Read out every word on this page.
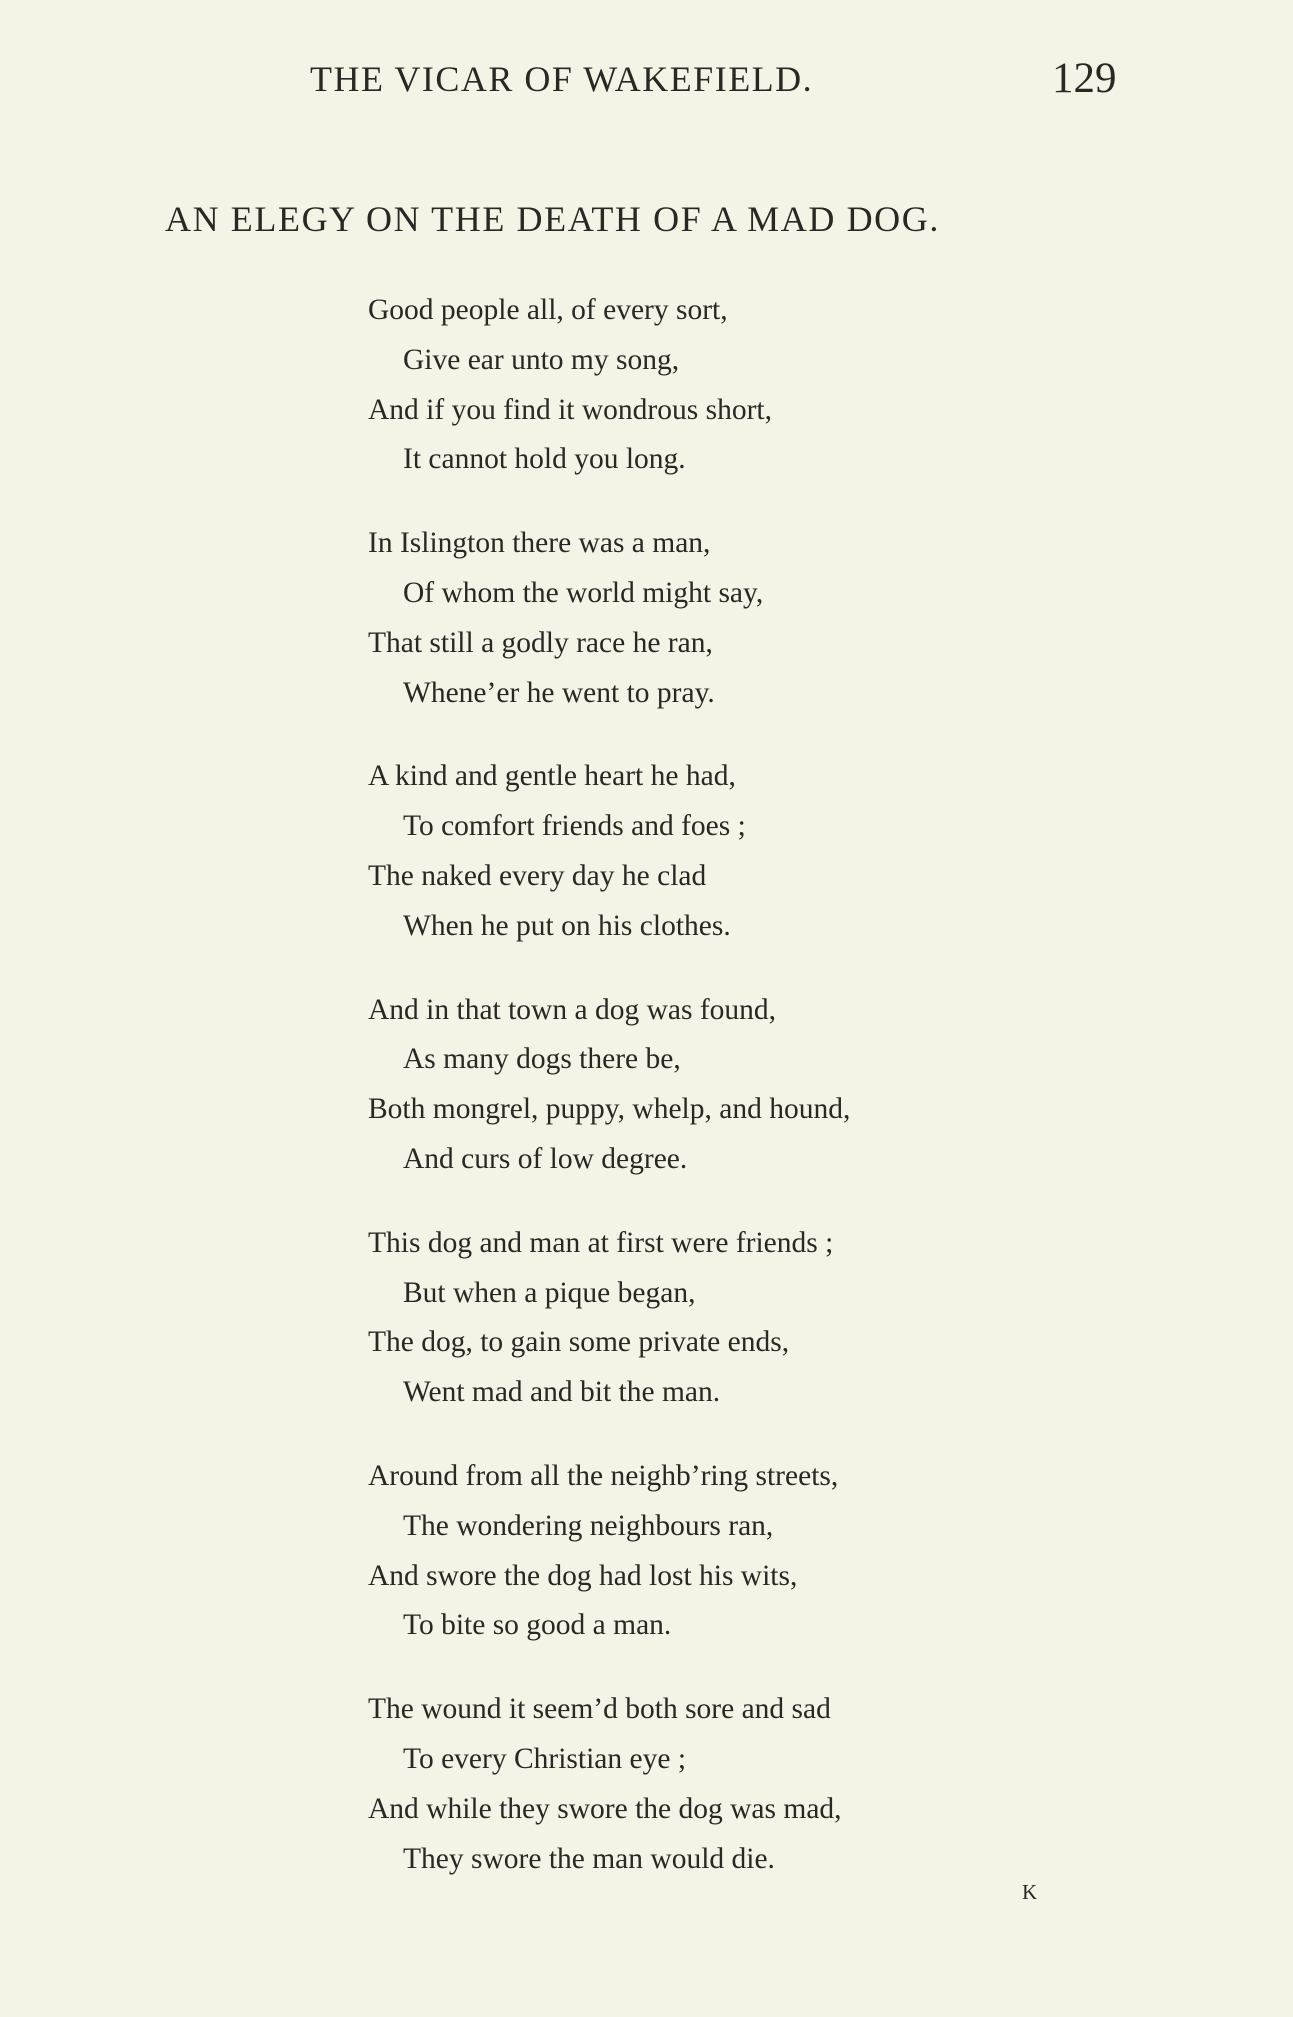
THE VICAR OF WAKEFIELD.	129
AN ELEGY ON THE DEATH OF A MAD DOG.
Good people all, of every sort,
Give ear unto my song,
And if you find it wondrous short,
It cannot hold you long.
In Islington there was a man,
Of whom the world might say,
That still a godly race he ran,
Whene’er he went to pray.
A kind and gentle heart he had,
To comfort friends and foes ;
The naked every day he clad
When he put on his clothes.
And in that town a dog was found,
As many dogs there be,
Both mongrel, puppy, whelp, and hound,
And curs of low degree.
This dog and man at first were friends ;
But when a pique began,
The dog, to gain some private ends,
Went mad and bit the man.
Around from all the neighb’ring streets,
The wondering neighbours ran,
And swore the dog had lost his wits,
To bite so good a man.
The wound it seem’d both sore and sad
To every Christian eye ;
And while they swore the dog was mad,
They swore the man would die.
K
